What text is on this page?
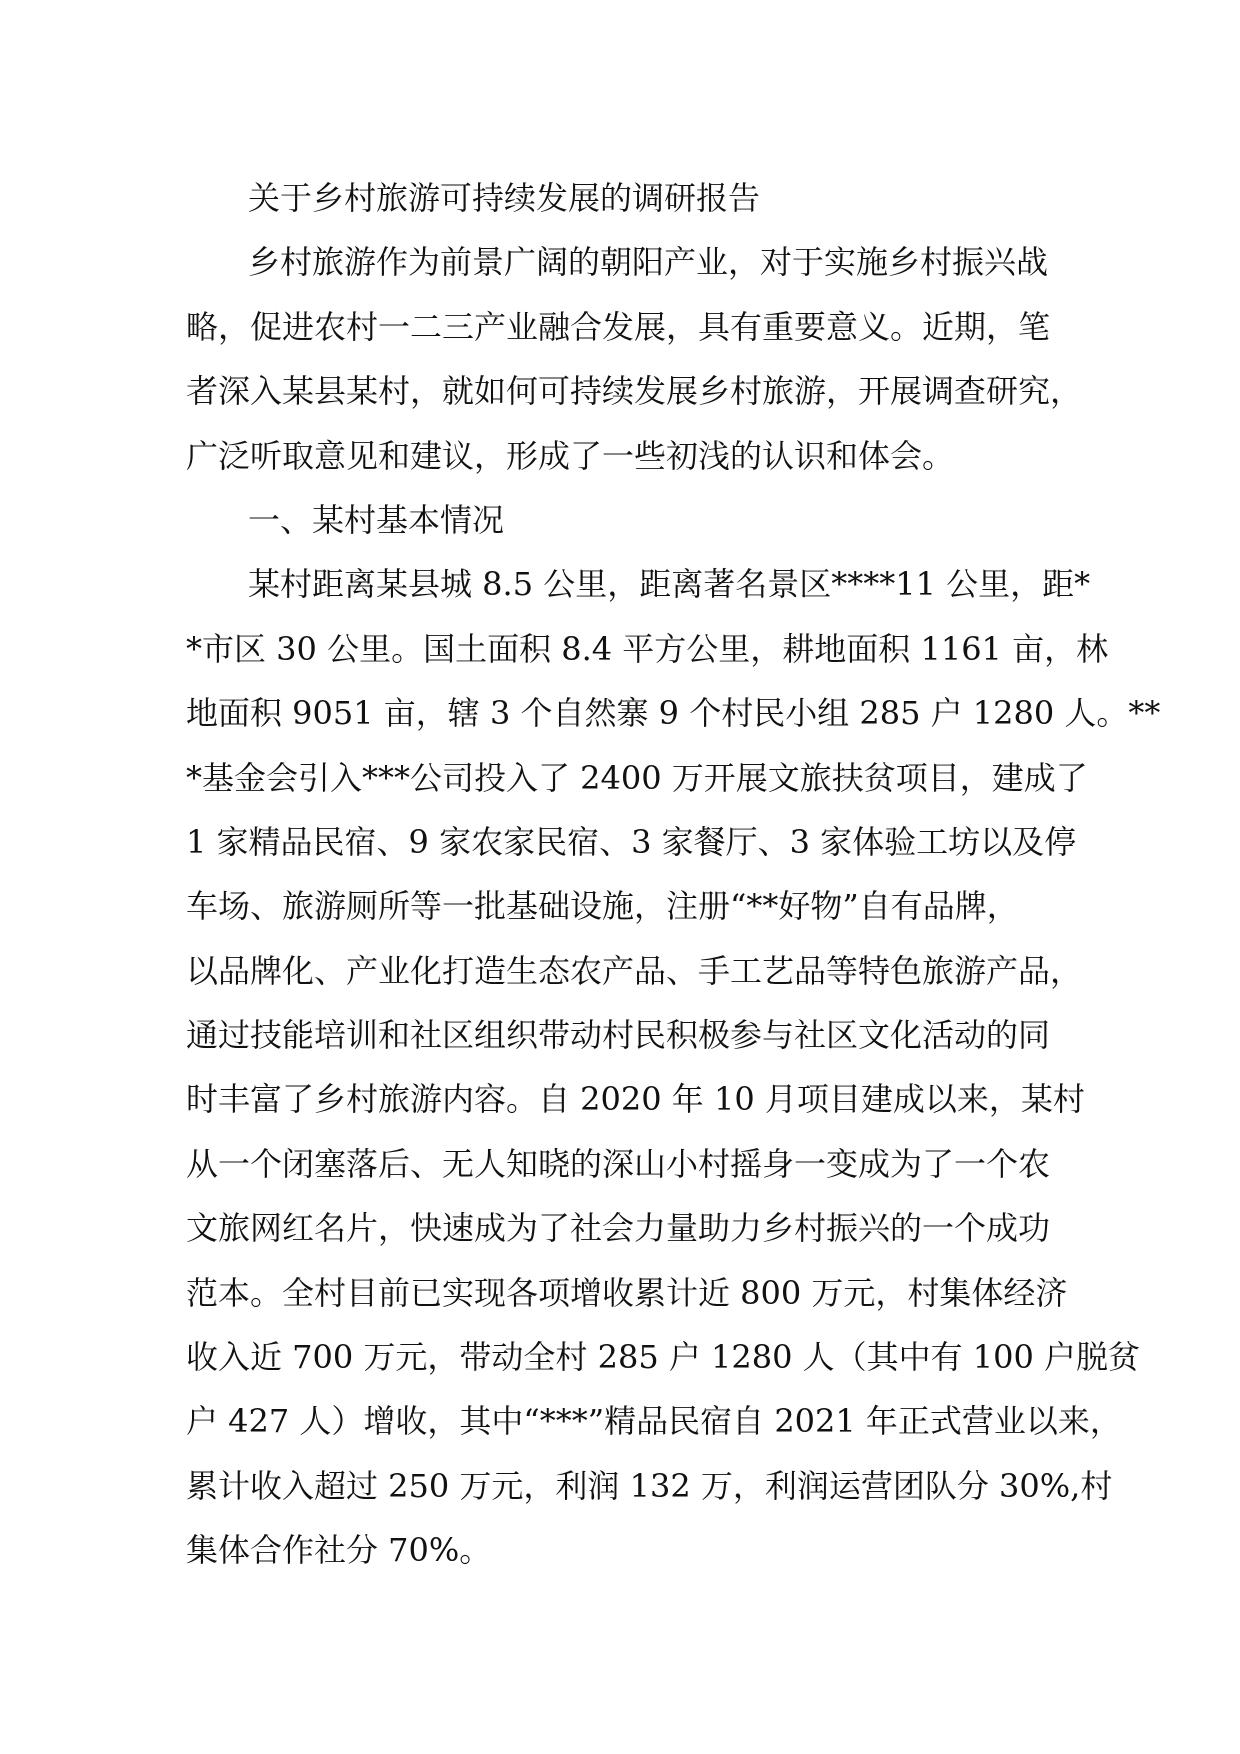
关于乡村旅游可持续发展的调研报告
乡村旅游作为前景广阔的朝阳产业，对于实施乡村振兴战
略，促进农村一二三产业融合发展，具有重要意义。近期，笔
者深入某县某村，就如何可持续发展乡村旅游，开展调查研究，
广泛听取意见和建议，形成了一些初浅的认识和体会。
一、某村基本情况
某村距离某县城 8.5 公里，距离著名景区****11 公里，距*
*市区 30 公里。国土面积 8.4 平方公里，耕地面积 1161 亩，林
地面积 9051 亩，辖 3 个自然寨 9 个村民小组 285 户 1280 人。**
*基金会引入***公司投入了 2400 万开展文旅扶贫项目，建成了
1 家精品民宿、9 家农家民宿、3 家餐厅、3 家体验工坊以及停
车场、旅游厕所等一批基础设施，注册“**好物”自有品牌，
以品牌化、产业化打造生态农产品、手工艺品等特色旅游产品，
通过技能培训和社区组织带动村民积极参与社区文化活动的同
时丰富了乡村旅游内容。自 2020 年 10 月项目建成以来，某村
从一个闭塞落后、无人知晓的深山小村摇身一变成为了一个农
文旅网红名片，快速成为了社会力量助力乡村振兴的一个成功
范本。全村目前已实现各项增收累计近 800 万元，村集体经济
收入近 700 万元，带动全村 285 户 1280 人（其中有 100 户脱贫
户 427 人）增收，其中“***”精品民宿自 2021 年正式营业以来，
累计收入超过 250 万元，利润 132 万，利润运营团队分 30%,村
集体合作社分 70%。
